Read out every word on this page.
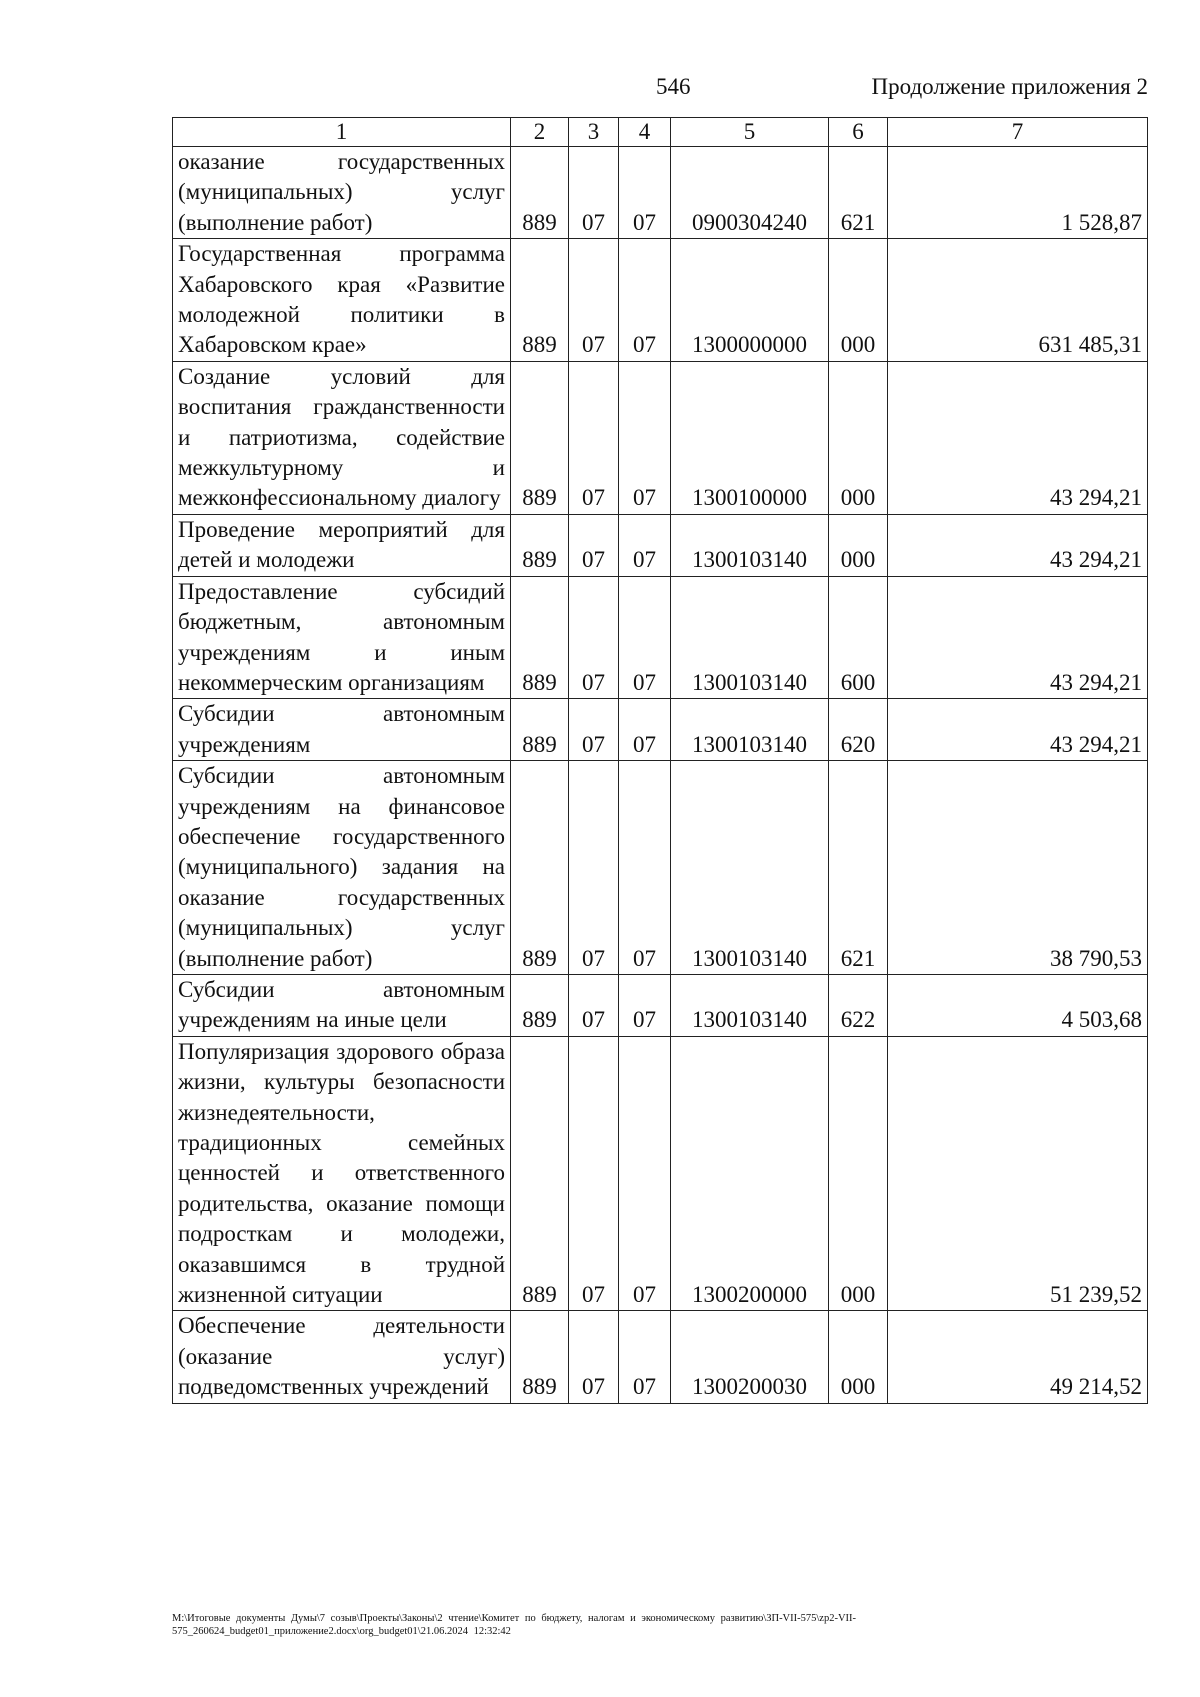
546	Продолжение приложения 2
1	2	3	4	5	6	7
оказание государственных (муниципальных) услуг (выполнение работ)	889	07	07	0900304240	621	1 528,87
Государственная программа Хабаровского края «Развитие молодежной политики в Хабаровском крае»	889	07	07	1300000000	000	631 485,31
Создание условий для воспитания гражданственности и патриотизма, содействие межкультурному и межконфессиональному диалогу	889	07	07	1300100000	000	43 294,21
Проведение мероприятий для детей и молодежи	889	07	07	1300103140	000	43 294,21
Предоставление субсидий бюджетным, автономным учреждениям и иным некоммерческим организациям	889	07	07	1300103140	600	43 294,21
Субсидии автономным учреждениям	889	07	07	1300103140	620	43 294,21
Субсидии автономным учреждениям на финансовое обеспечение государственного (муниципального) задания на оказание государственных (муниципальных) услуг (выполнение работ)	889	07	07	1300103140	621	38 790,53
Субсидии автономным учреждениям на иные цели	889	07	07	1300103140	622	4 503,68
Популяризация здорового образа жизни, культуры безопасности жизнедеятельности, традиционных семейных ценностей и ответственного родительства, оказание помощи подросткам и молодежи, оказавшимся в трудной жизненной ситуации	889	07	07	1300200000	000	51 239,52
Обеспечение деятельности (оказание услуг) подведомственных учреждений	889	07	07	1300200030	000	49 214,52
M:\Итоговые документы Думы\7 созыв\Проекты\Законы\2 чтение\Комитет по бюджету, налогам и экономическому развитию\ЗП-VII-575\zp2-VII-575_260624_budget01_приложение2.docx\org_budget01\21.06.2024 12:32:42
